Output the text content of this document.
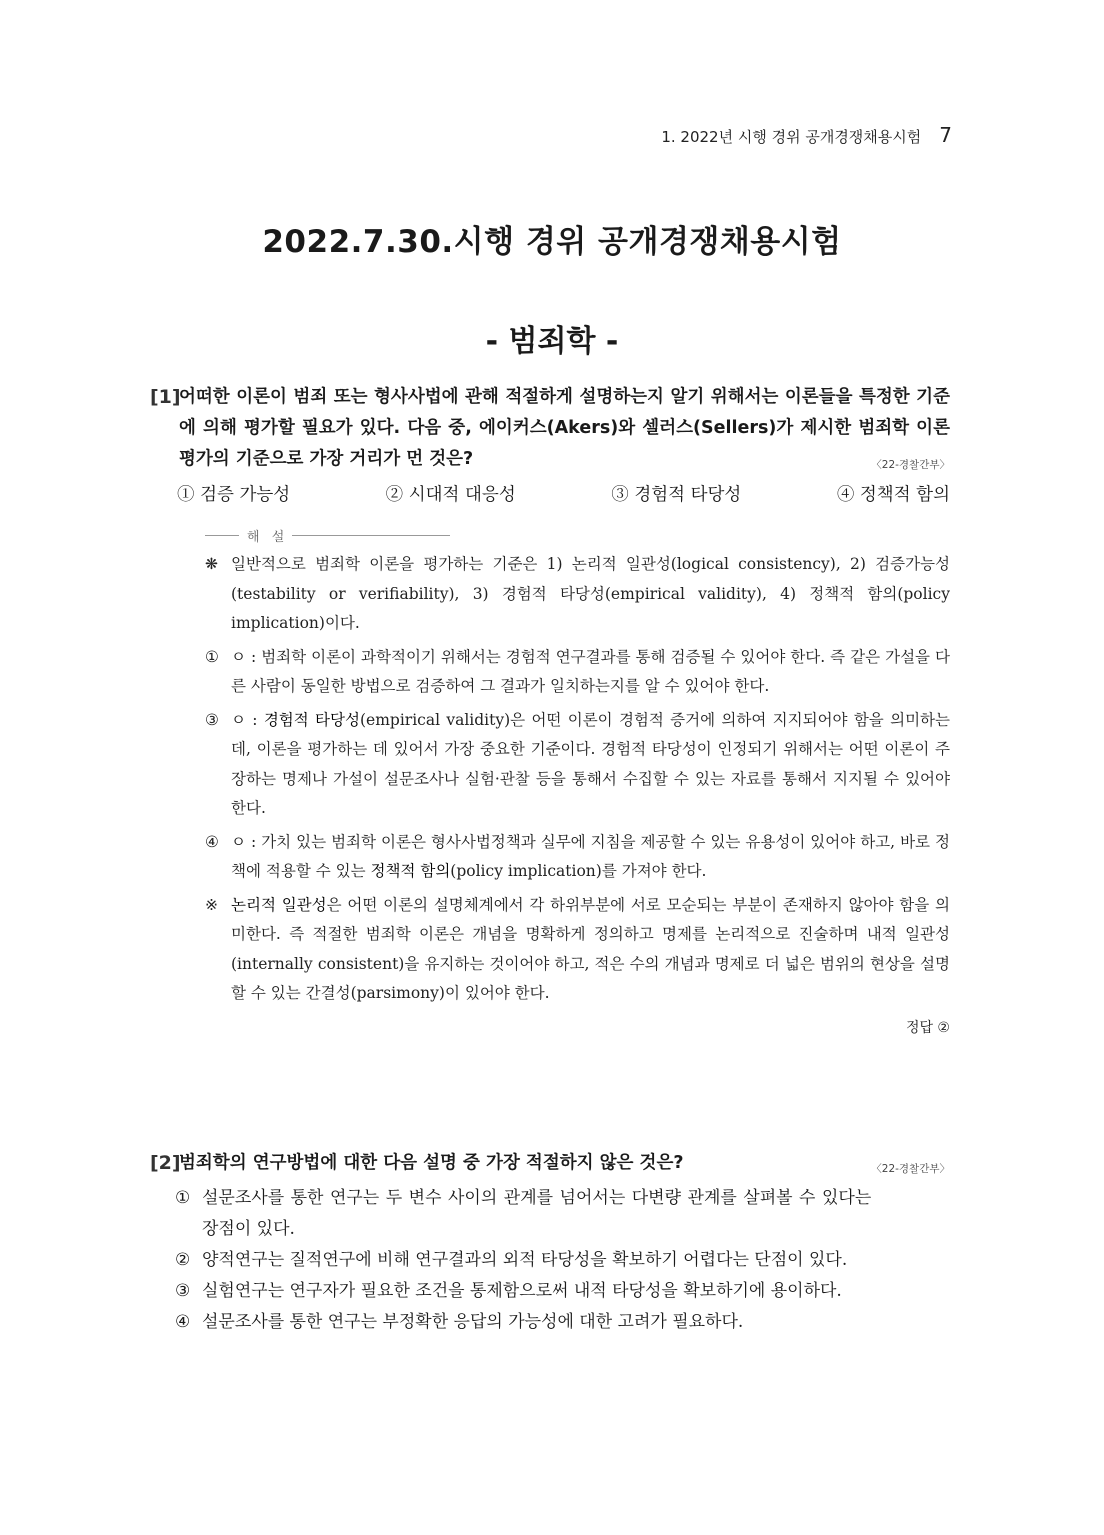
1. 2022년 시행 경위 공개경쟁채용시험 7
2022.7.30.시행 경위 공개경쟁채용시험
- 범죄학 -
[1]
어떠한 이론이 범죄 또는 형사사법에 관해 적절하게 설명하는지 알기 위해서는 이론들을 특정한 기준에 의해 평가할 필요가 있다. 다음 중, 에이커스(Akers)와 셀러스(Sellers)가 제시한 범죄학 이론 평가의 기준으로 가장 거리가 먼 것은?	〈22-경찰간부〉
① 검증 가능성	② 시대적 대응성	③ 경험적 타당성	④ 정책적 함의
해 설
❋ 일반적으로 범죄학 이론을 평가하는 기준은 1) 논리적 일관성(logical consistency), 2) 검증가능성(testability or verifiability), 3) 경험적 타당성(empirical validity), 4) 정책적 함의(policy implication)이다.
① ㅇ : 범죄학 이론이 과학적이기 위해서는 경험적 연구결과를 통해 검증될 수 있어야 한다. 즉 같은 가설을 다른 사람이 동일한 방법으로 검증하여 그 결과가 일치하는지를 알 수 있어야 한다.
③ ㅇ : 경험적 타당성(empirical validity)은 어떤 이론이 경험적 증거에 의하여 지지되어야 함을 의미하는데, 이론을 평가하는 데 있어서 가장 중요한 기준이다. 경험적 타당성이 인정되기 위해서는 어떤 이론이 주장하는 명제나 가설이 설문조사나 실험·관찰 등을 통해서 수집할 수 있는 자료를 통해서 지지될 수 있어야 한다.
④ ㅇ : 가치 있는 범죄학 이론은 형사사법정책과 실무에 지침을 제공할 수 있는 유용성이 있어야 하고, 바로 정책에 적용할 수 있는 정책적 함의(policy implication)를 가져야 한다.
※ 논리적 일관성은 어떤 이론의 설명체계에서 각 하위부분에 서로 모순되는 부분이 존재하지 않아야 함을 의미한다. 즉 적절한 범죄학 이론은 개념을 명확하게 정의하고 명제를 논리적으로 진술하며 내적 일관성(internally consistent)을 유지하는 것이어야 하고, 적은 수의 개념과 명제로 더 넓은 범위의 현상을 설명할 수 있는 간결성(parsimony)이 있어야 한다.
정답 ②
[2]
범죄학의 연구방법에 대한 다음 설명 중 가장 적절하지 않은 것은?	〈22-경찰간부〉
① 설문조사를 통한 연구는 두 변수 사이의 관계를 넘어서는 다변량 관계를 살펴볼 수 있다는 장점이 있다.
② 양적연구는 질적연구에 비해 연구결과의 외적 타당성을 확보하기 어렵다는 단점이 있다.
③ 실험연구는 연구자가 필요한 조건을 통제함으로써 내적 타당성을 확보하기에 용이하다.
④ 설문조사를 통한 연구는 부정확한 응답의 가능성에 대한 고려가 필요하다.
